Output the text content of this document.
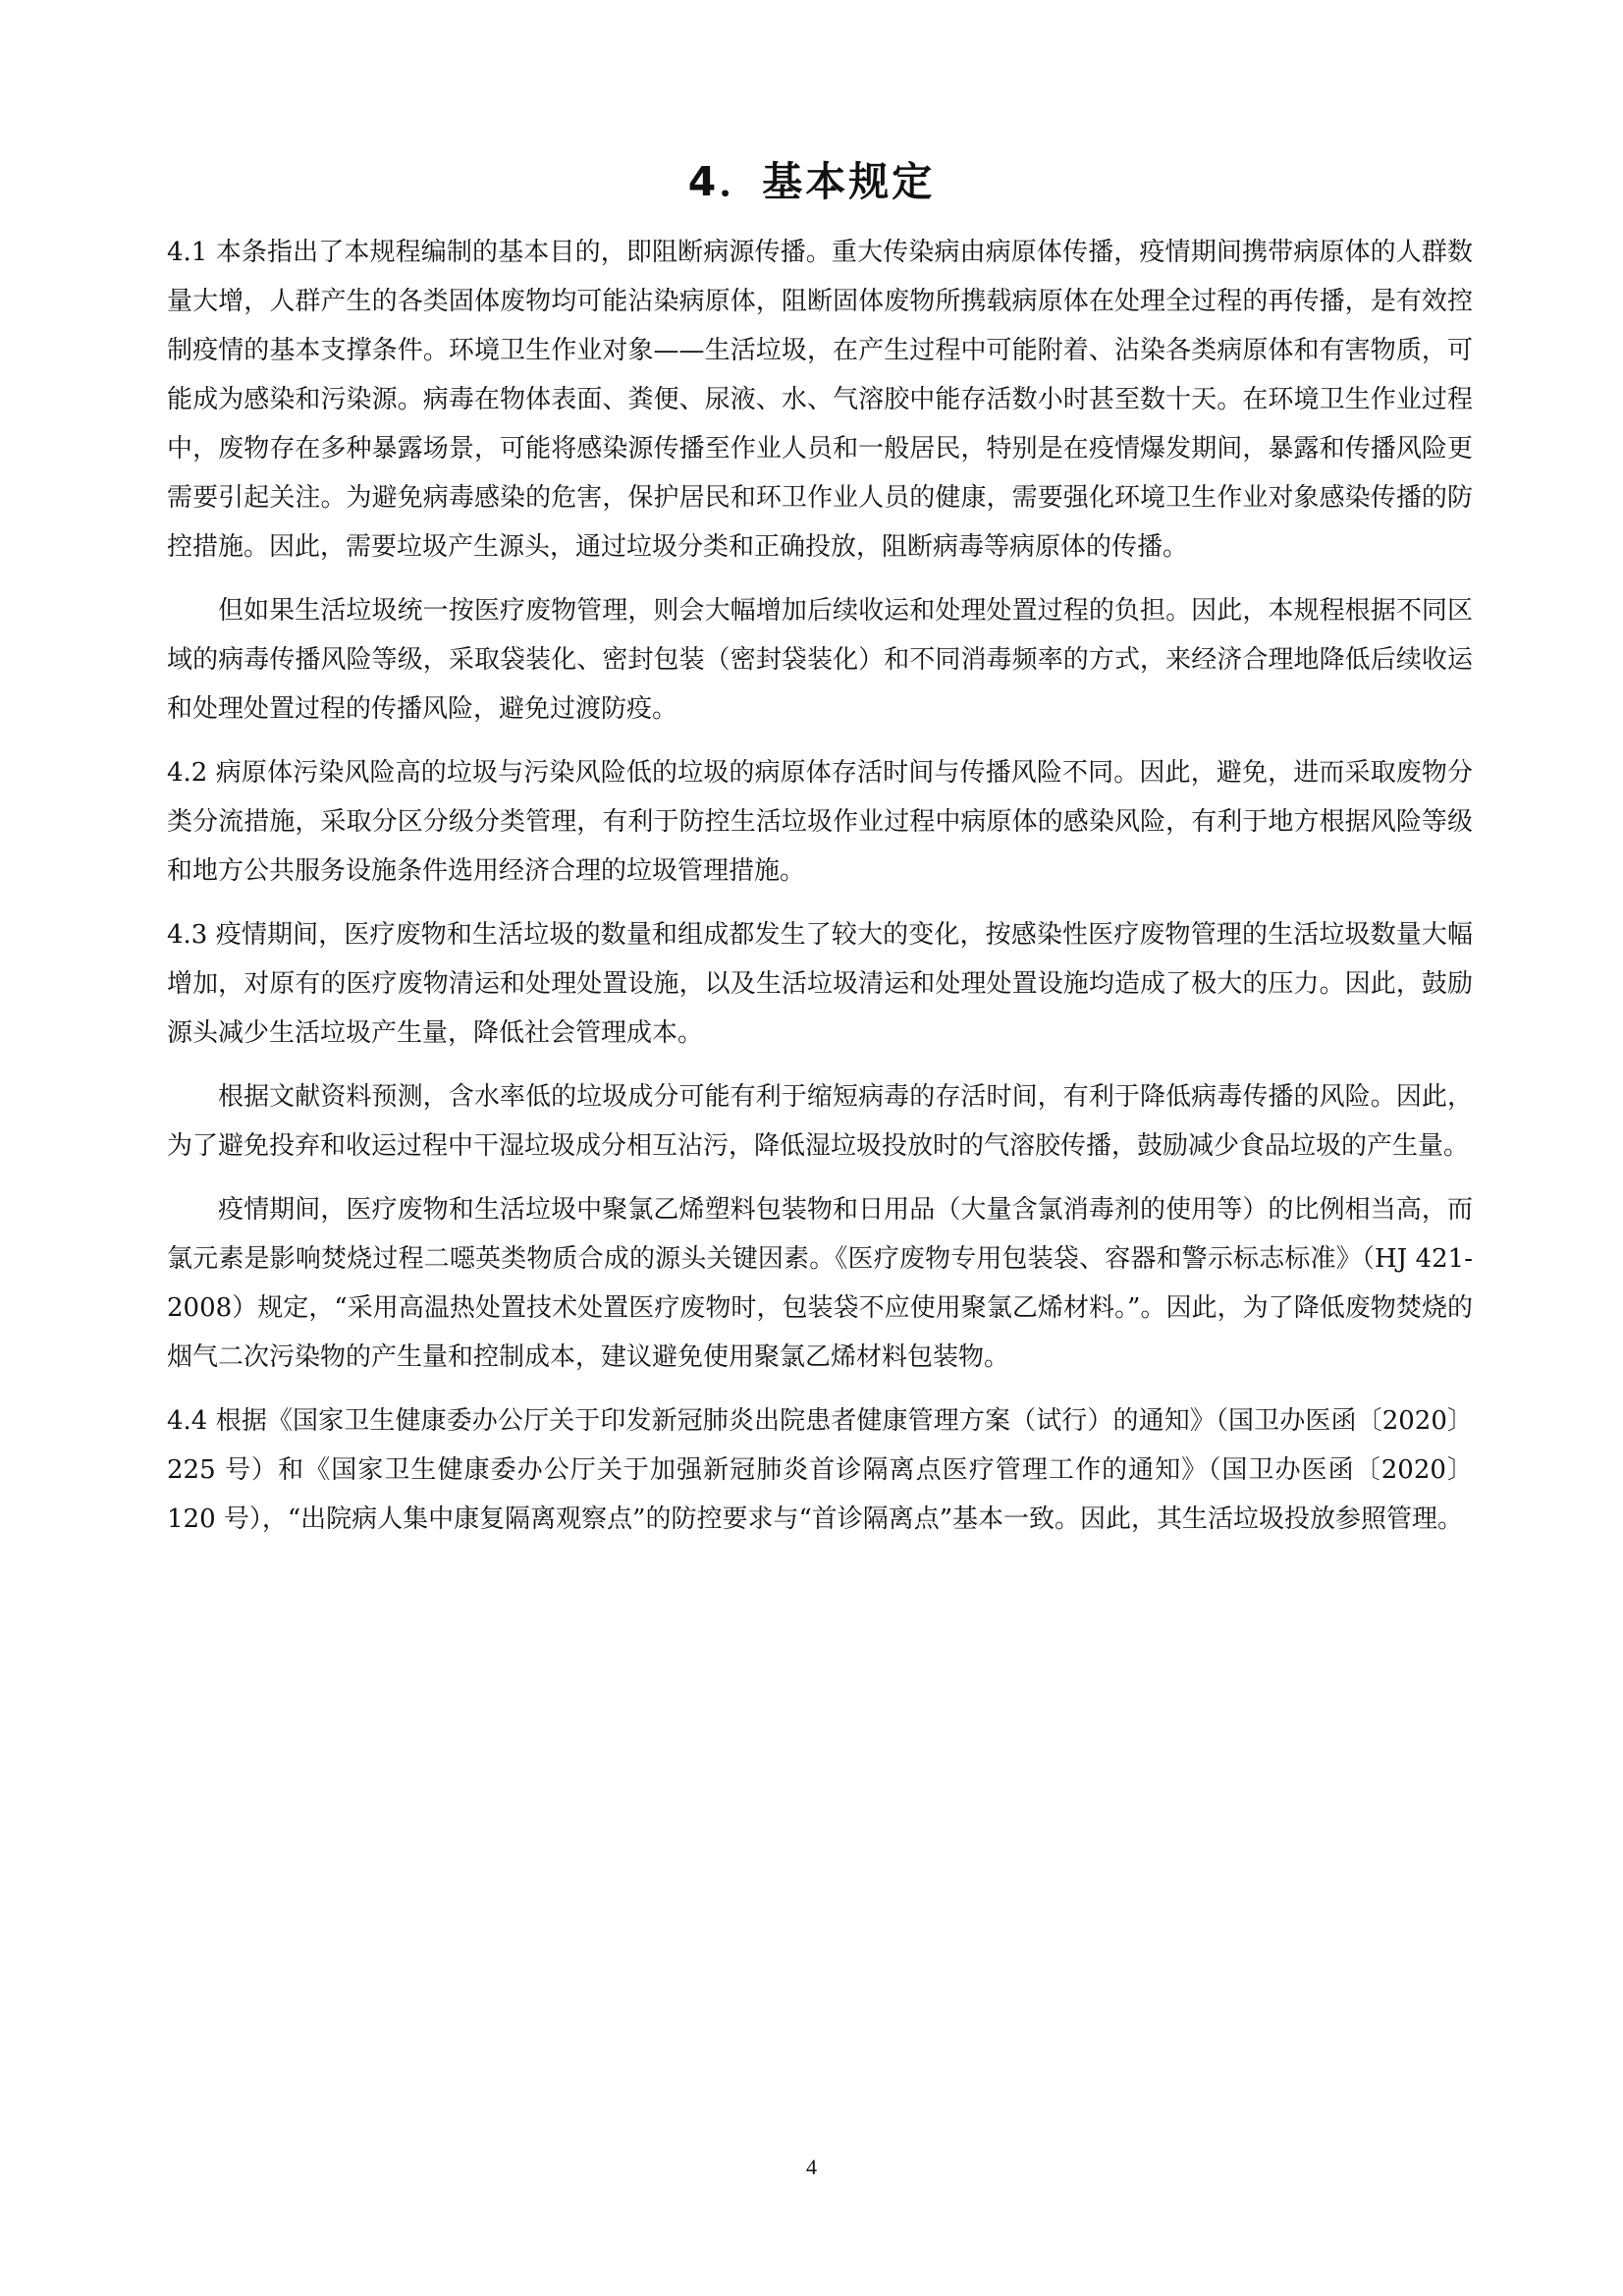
4．基本规定

4.1 本条指出了本规程编制的基本目的，即阻断病源传播。重大传染病由病原体传播，疫情期间携带病原体的人群数量大增，人群产生的各类固体废物均可能沾染病原体，阻断固体废物所携载病原体在处理全过程的再传播，是有效控制疫情的基本支撑条件。环境卫生作业对象——生活垃圾，在产生过程中可能附着、沾染各类病原体和有害物质，可能成为感染和污染源。病毒在物体表面、粪便、尿液、水、气溶胶中能存活数小时甚至数十天。在环境卫生作业过程中，废物存在多种暴露场景，可能将感染源传播至作业人员和一般居民，特别是在疫情爆发期间，暴露和传播风险更需要引起关注。为避免病毒感染的危害，保护居民和环卫作业人员的健康，需要强化环境卫生作业对象感染传播的防控措施。因此，需要垃圾产生源头，通过垃圾分类和正确投放，阻断病毒等病原体的传播。

但如果生活垃圾统一按医疗废物管理，则会大幅增加后续收运和处理处置过程的负担。因此，本规程根据不同区域的病毒传播风险等级，采取袋装化、密封包装（密封袋装化）和不同消毒频率的方式，来经济合理地降低后续收运和处理处置过程的传播风险，避免过渡防疫。

4.2 病原体污染风险高的垃圾与污染风险低的垃圾的病原体存活时间与传播风险不同。因此，避免，进而采取废物分类分流措施，采取分区分级分类管理，有利于防控生活垃圾作业过程中病原体的感染风险，有利于地方根据风险等级和地方公共服务设施条件选用经济合理的垃圾管理措施。

4.3 疫情期间，医疗废物和生活垃圾的数量和组成都发生了较大的变化，按感染性医疗废物管理的生活垃圾数量大幅增加，对原有的医疗废物清运和处理处置设施，以及生活垃圾清运和处理处置设施均造成了极大的压力。因此，鼓励源头减少生活垃圾产生量，降低社会管理成本。

根据文献资料预测，含水率低的垃圾成分可能有利于缩短病毒的存活时间，有利于降低病毒传播的风险。因此，为了避免投弃和收运过程中干湿垃圾成分相互沾污，降低湿垃圾投放时的气溶胶传播，鼓励减少食品垃圾的产生量。

疫情期间，医疗废物和生活垃圾中聚氯乙烯塑料包装物和日用品（大量含氯消毒剂的使用等）的比例相当高，而氯元素是影响焚烧过程二噁英类物质合成的源头关键因素。《医疗废物专用包装袋、容器和警示标志标准》（HJ 421-2008）规定，“采用高温热处置技术处置医疗废物时，包装袋不应使用聚氯乙烯材料。”。因此，为了降低废物焚烧的烟气二次污染物的产生量和控制成本，建议避免使用聚氯乙烯材料包装物。

4.4 根据《国家卫生健康委办公厅关于印发新冠肺炎出院患者健康管理方案（试行）的通知》（国卫办医函〔2020〕225 号）和《国家卫生健康委办公厅关于加强新冠肺炎首诊隔离点医疗管理工作的通知》（国卫办医函〔2020〕120 号），“出院病人集中康复隔离观察点”的防控要求与“首诊隔离点”基本一致。因此，其生活垃圾投放参照管理。

4
